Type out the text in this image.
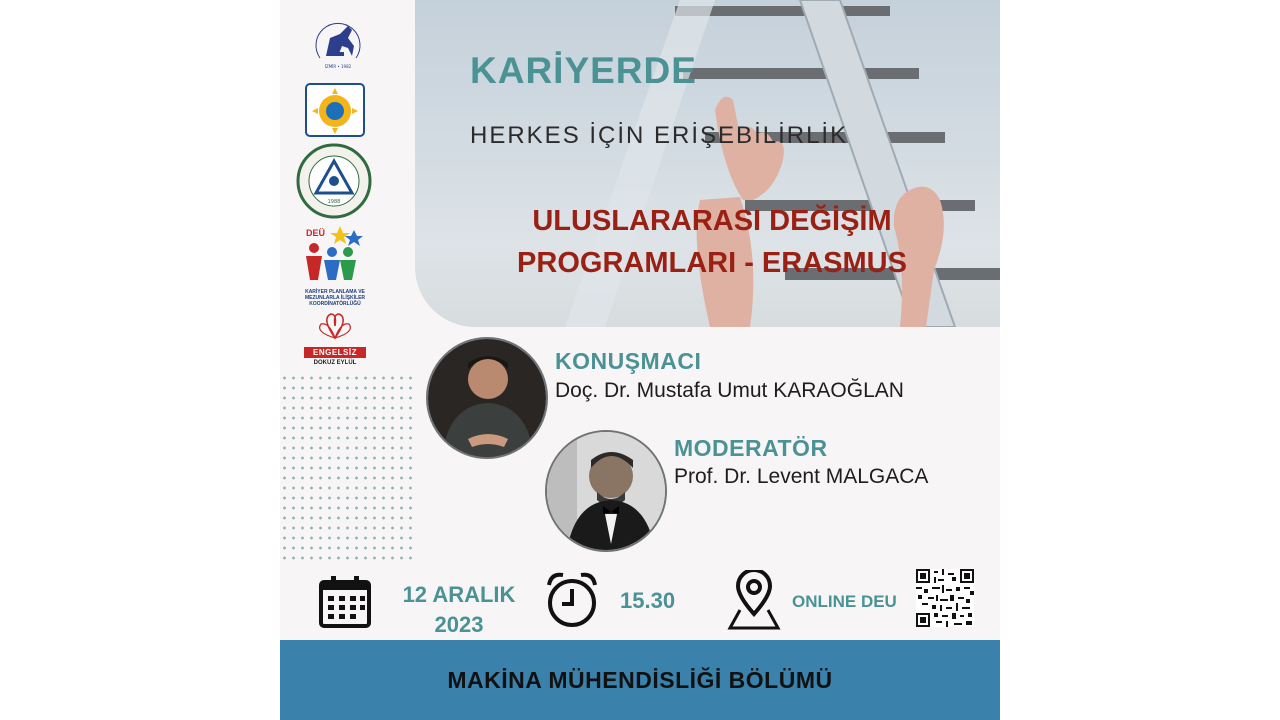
KARİYERDE
HERKES İÇİN ERİŞEBİLİRLİK
ULUSLARARASI DEĞİŞİM
PROGRAMLARI - ERASMUS
İZMİR • 1982
1988
DEÜ
KARİYER PLANLAMA VE MEZUNLARLA İLİŞKİLER KOORDİNATÖRLÜĞÜ
ENGELSİZ
DOKUZ EYLÜL	KONUŞMACI
Doç. Dr. Mustafa Umut KARAOĞLAN
MODERATÖR
Prof. Dr. Levent MALGACA
12 ARALIK
2023
15.30	ONLINE DEU
MAKİNA MÜHENDİSLİĞİ BÖLÜMÜ
